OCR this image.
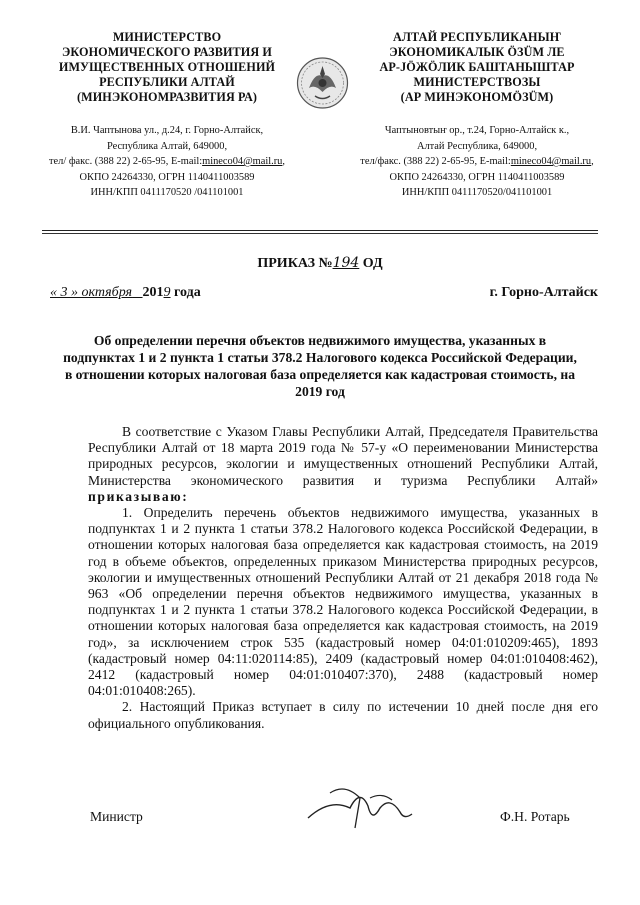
МИНИСТЕРСТВО
ЭКОНОМИЧЕСКОГО РАЗВИТИЯ И
ИМУЩЕСТВЕННЫХ ОТНОШЕНИЙ
РЕСПУБЛИКИ АЛТАЙ
(МИНЭКОНОМРАЗВИТИЯ РА)
В.И. Чаптынова ул., д.24, г. Горно-Алтайск,
Республика Алтай, 649000,
тел/ факс. (388 22) 2-65-95, E-mail:mineco04@mail.ru,
ОКПО 24264330, ОГРН 1140411003589
ИНН/КПП 0411170520 /041101001
АЛТАЙ РЕСПУБЛИКАНЫҤ
ЭКОНОМИКАЛЫК ÖЗÜМ ЛЕ
АР-JÖЖÖЛИК БАШТАНЫШТАР
МИНИСТЕРСТВОЗЫ
(АР МИНЭКОНОМÖЗÜМ)
Чаптыновтыҥ ор., т.24, Горно-Алтайск к.,
Алтай Республика, 649000,
тел/факс. (388 22) 2-65-95, E-mail:mineco04@mail.ru,
ОКПО 24264330, ОГРН 1140411003589
ИНН/КПП 0411170520/041101001
ПРИКАЗ №194 ОД
« 3 » октября 2019 года	г. Горно-Алтайск
Об определении перечня объектов недвижимого имущества, указанных в подпунктах 1 и 2 пункта 1 статьи 378.2 Налогового кодекса Российской Федерации, в отношении которых налоговая база определяется как кадастровая стоимость, на 2019 год

В соответствие с Указом Главы Республики Алтай, Председателя Правительства Республики Алтай от 18 марта 2019 года № 57-у «О переименовании Министерства природных ресурсов, экологии и имущественных отношений Республики Алтай, Министерства экономического развития и туризма Республики Алтай» приказываю:

1. Определить перечень объектов недвижимого имущества, указанных в подпунктах 1 и 2 пункта 1 статьи 378.2 Налогового кодекса Российской Федерации, в отношении которых налоговая база определяется как кадастровая стоимость, на 2019 год в объеме объектов, определенных приказом Министерства природных ресурсов, экологии и имущественных отношений Республики Алтай от 21 декабря 2018 года № 963 «Об определении перечня объектов недвижимого имущества, указанных в подпунктах 1 и 2 пункта 1 статьи 378.2 Налогового кодекса Российской Федерации, в отношении которых налоговая база определяется как кадастровая стоимость, на 2019 год», за исключением строк 535 (кадастровый номер 04:01:010209:465), 1893 (кадастровый номер 04:11:020114:85), 2409 (кадастровый номер 04:01:010408:462), 2412 (кадастровый номер 04:01:010407:370), 2488 (кадастровый номер 04:01:010408:265).

2. Настоящий Приказ вступает в силу по истечении 10 дней после дня его официального опубликования.

Министр	Ф.Н. Ротарь
